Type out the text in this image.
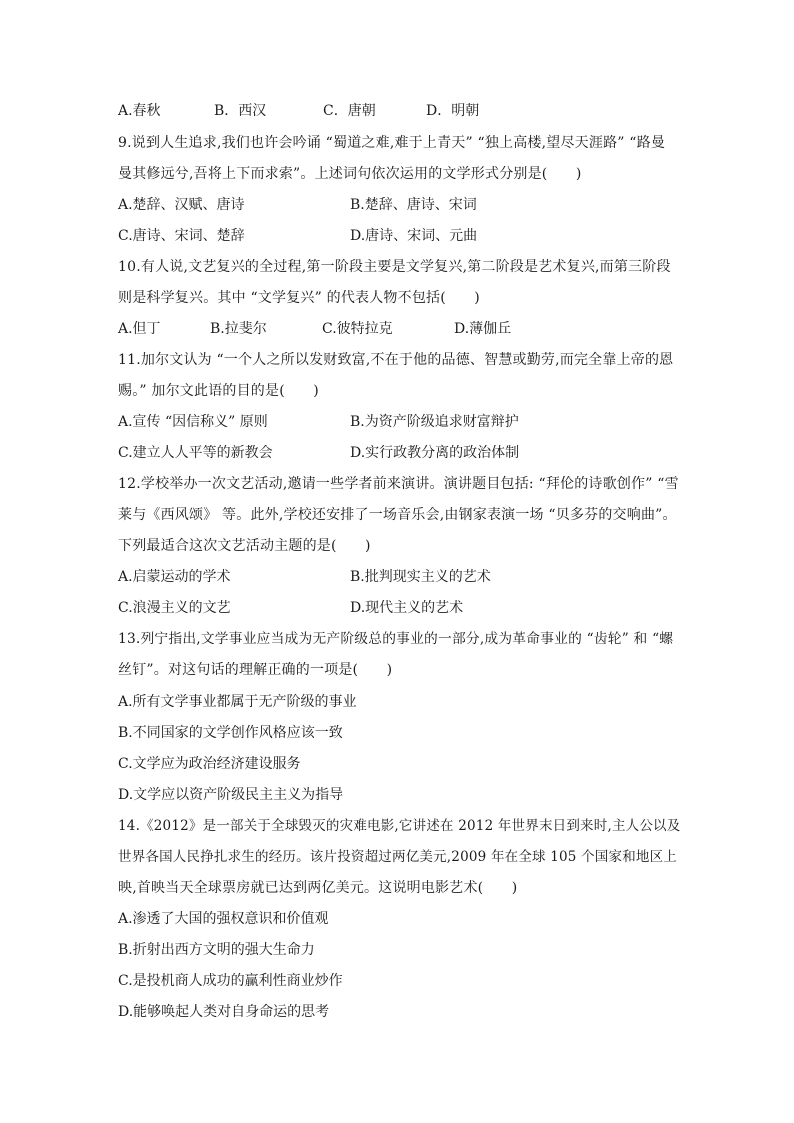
A.春秋	B．西汉	C．唐朝	D．明朝
9.说到人生追求,我们也许会吟诵 “蜀道之难,难于上青天” “独上高楼,望尽天涯路” “路曼
曼其修远兮,吾将上下而求索”。上述词句依次运用的文学形式分别是(　　)
A.楚辞、汉赋、唐诗	B.楚辞、唐诗、宋词
C.唐诗、宋词、楚辞	D.唐诗、宋词、元曲
10.有人说,文艺复兴的全过程,第一阶段主要是文学复兴,第二阶段是艺术复兴,而第三阶段
则是科学复兴。其中 “文学复兴” 的代表人物不包括(　　)
A.但丁	B.拉斐尔	C.彼特拉克	D.薄伽丘
11.加尔文认为 “一个人之所以发财致富,不在于他的品德、智慧或勤劳,而完全靠上帝的恩
赐。” 加尔文此语的目的是(　　)
A.宣传 “因信称义” 原则	B.为资产阶级追求财富辩护
C.建立人人平等的新教会	D.实行政教分离的政治体制
12.学校举办一次文艺活动,邀请一些学者前来演讲。演讲题目包括: “拜伦的诗歌创作” “雪
莱与《西风颂》 等。此外,学校还安排了一场音乐会,由钢家表演一场 “贝多芬的交响曲”。
下列最适合这次文艺活动主题的是(　　)
A.启蒙运动的学术	B.批判现实主义的艺术
C.浪漫主义的文艺	D.现代主义的艺术
13.列宁指出,文学事业应当成为无产阶级总的事业的一部分,成为革命事业的 “齿轮” 和 “螺
丝钉”。对这句话的理解正确的一项是(　　)
A.所有文学事业都属于无产阶级的事业
B.不同国家的文学创作风格应该一致
C.文学应为政治经济建设服务
D.文学应以资产阶级民主主义为指导
14.《2012》是一部关于全球毁灭的灾难电影,它讲述在 2012 年世界末日到来时,主人公以及
世界各国人民挣扎求生的经历。该片投资超过两亿美元,2009 年在全球 105 个国家和地区上
映,首映当天全球票房就已达到两亿美元。这说明电影艺术(　　)
A.渗透了大国的强权意识和价值观
B.折射出西方文明的强大生命力
C.是投机商人成功的赢利性商业炒作
D.能够唤起人类对自身命运的思考
